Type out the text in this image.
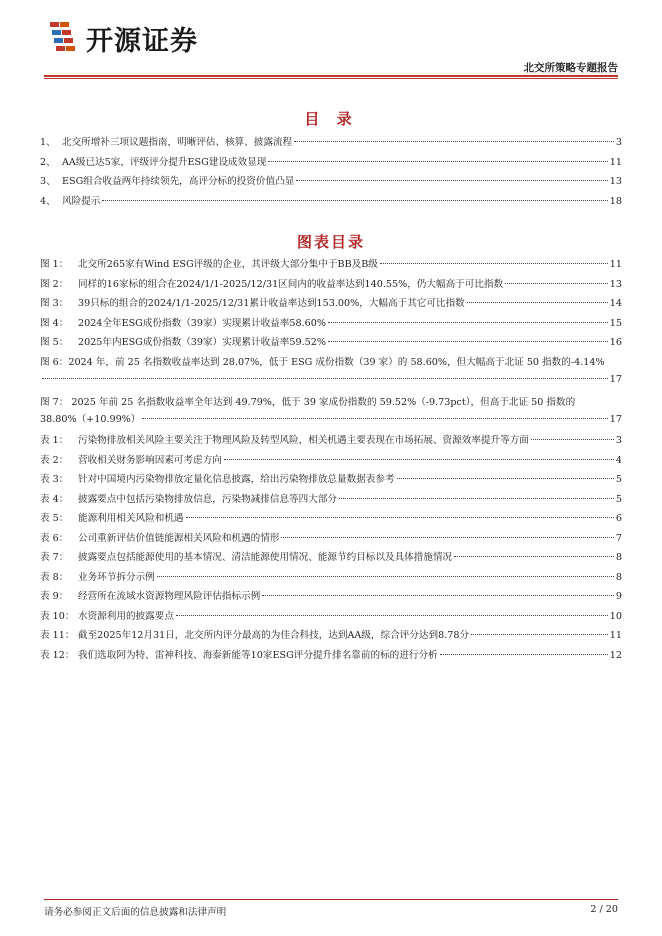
开源证券
北交所策略专题报告
目 录
1、 北交所增补三项议题指南，明晰评估、核算、披露流程	3
2、 AA级已达5家，评级评分提升ESG建设成效显现	11
3、 ESG组合收益两年持续领先，高评分标的投资价值凸显	13
4、 风险提示	18
图表目录
图 1：	北交所265家有Wind ESG评级的企业，其评级大部分集中于BB及B级	11
图 2：	同样的16家标的组合在2024/1/1-2025/12/31区间内的收益率达到140.55%，仍大幅高于可比指数	13
图 3：	39只标的组合的2024/1/1-2025/12/31累计收益率达到153.00%，大幅高于其它可比指数	14
图 4：	2024全年ESG成份指数（39家）实现累计收益率58.60%	15
图 5：	2025年内ESG成份指数（39家）实现累计收益率59.52%	16
图 6：2024 年，前 25 名指数收益率达到 28.07%，低于 ESG 成份指数（39 家）的 58.60%，但大幅高于北证 50 指数的-4.14%
17
图 7： 2025 年前 25 名指数收益率全年达到 49.79%，低于 39 家成份指数的 59.52%（-9.73pct），但高于北证 50 指数的
38.80%（+10.99%）	17
表 1：	污染物排放相关风险主要关注于物理风险及转型风险，相关机遇主要表现在市场拓展、资源效率提升等方面	3
表 2：	营收相关财务影响因素可考虑方向	4
表 3：	针对中国境内污染物排放定量化信息披露，给出污染物排放总量数据表参考	5
表 4：	披露要点中包括污染物排放信息，污染物减排信息等四大部分	5
表 5：	能源利用相关风险和机遇	6
表 6：	公司重新评估价值链能源相关风险和机遇的情形	7
表 7：	披露要点包括能源使用的基本情况、清洁能源使用情况、能源节约目标以及具体措施情况	8
表 8：	业务环节拆分示例	8
表 9：	经营所在流域水资源物理风险评估指标示例	9
表 10： 水资源利用的披露要点	10
表 11： 截至2025年12月31日，北交所内评分最高的为佳合科技，达到AA级，综合评分达到8.78分	11
表 12： 我们选取阿为特、雷神科技、海泰新能等10家ESG评分提升排名靠前的标的进行分析	12
请务必参阅正文后面的信息披露和法律声明	2 / 20
